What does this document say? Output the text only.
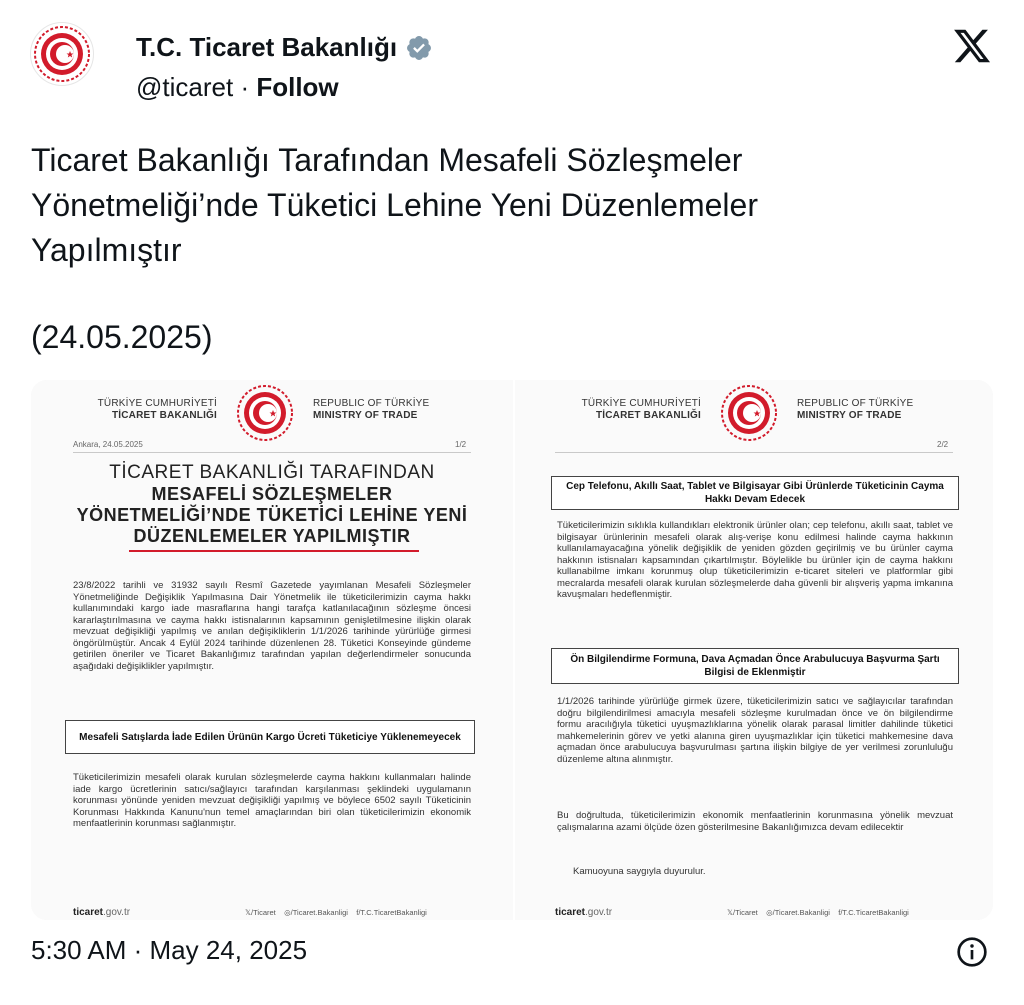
T.C. Ticaret Bakanlığı
@ticaret · Follow
Ticaret Bakanlığı Tarafından Mesafeli Sözleşmeler
Yönetmeliği’nde Tüketici Lehine Yeni Düzenlemeler
Yapılmıştır
(24.05.2025)
TÜRKİYE CUMHURİYETİ
TİCARET BAKANLIĞI
REPUBLIC OF TÜRKİYE
MINISTRY OF TRADE
Ankara, 24.05.2025	1/2
TİCARET BAKANLIĞI TARAFINDAN
MESAFELİ SÖZLEŞMELER
YÖNETMELİĞİ’NDE TÜKETİCİ LEHİNE YENİ
DÜZENLEMELER YAPILMIŞTIR
23/8/2022 tarihli ve 31932 sayılı Resmî Gazetede yayımlanan Mesafeli Sözleşmeler Yönetmeliğinde Değişiklik Yapılmasına Dair Yönetmelik ile tüketicilerimizin cayma hakkı kullanımındaki kargo iade masraflarına hangi tarafça katlanılacağının sözleşme öncesi kararlaştırılmasına ve cayma hakkı istisnalarının kapsamının genişletilmesine ilişkin olarak mevzuat değişikliği yapılmış ve anılan değişikliklerin 1/1/2026 tarihinde yürürlüğe girmesi öngörülmüştür. Ancak 4 Eylül 2024 tarihinde düzenlenen 28. Tüketici Konseyinde gündeme getirilen öneriler ve Ticaret Bakanlığımız tarafından yapılan değerlendirmeler sonucunda aşağıdaki değişiklikler yapılmıştır.
Mesafeli Satışlarda İade Edilen Ürünün Kargo Ücreti Tüketiciye Yüklenemeyecek
Tüketicilerimizin mesafeli olarak kurulan sözleşmelerde cayma hakkını kullanmaları halinde iade kargo ücretlerinin satıcı/sağlayıcı tarafından karşılanması şeklindeki uygulamanın korunması yönünde yeniden mevzuat değişikliği yapılmış ve böylece 6502 sayılı Tüketicinin Korunması Hakkında Kanunu'nun temel amaçlarından biri olan tüketicilerimizin ekonomik menfaatlerinin korunması sağlanmıştır.
ticaret.gov.tr	𝕏/Ticaret ◎/Ticaret.Bakanligi f/T.C.TicaretBakanligi
TÜRKİYE CUMHURİYETİ
TİCARET BAKANLIĞI
REPUBLIC OF TÜRKİYE
MINISTRY OF TRADE
2/2
Cep Telefonu, Akıllı Saat, Tablet ve Bilgisayar Gibi Ürünlerde Tüketicinin Cayma Hakkı Devam Edecek
Tüketicilerimizin sıklıkla kullandıkları elektronik ürünler olan; cep telefonu, akıllı saat, tablet ve bilgisayar ürünlerinin mesafeli olarak alış-verişe konu edilmesi halinde cayma hakkının kullanılamayacağına yönelik değişiklik de yeniden gözden geçirilmiş ve bu ürünler cayma hakkının istisnaları kapsamından çıkartılmıştır. Böylelikle bu ürünler için de cayma hakkını kullanabilme imkanı korunmuş olup tüketicilerimizin e-ticaret siteleri ve platformlar gibi mecralarda mesafeli olarak kurulan sözleşmelerde daha güvenli bir alışveriş yapma imkanına kavuşmaları hedeflenmiştir.
Ön Bilgilendirme Formuna, Dava Açmadan Önce Arabulucuya Başvurma Şartı Bilgisi de Eklenmiştir
1/1/2026 tarihinde yürürlüğe girmek üzere, tüketicilerimizin satıcı ve sağlayıcılar tarafından doğru bilgilendirilmesi amacıyla mesafeli sözleşme kurulmadan önce ve ön bilgilendirme formu aracılığıyla tüketici uyuşmazlıklarına yönelik olarak parasal limitler dahilinde tüketici mahkemelerinin görev ve yetki alanına giren uyuşmazlıklar için tüketici mahkemesine dava açmadan önce arabulucuya başvurulması şartına ilişkin bilgiye de yer verilmesi zorunluluğu düzenleme altına alınmıştır.
Bu doğrultuda, tüketicilerimizin ekonomik menfaatlerinin korunmasına yönelik mevzuat çalışmalarına azami ölçüde özen gösterilmesine Bakanlığımızca devam edilecektir
Kamuoyuna saygıyla duyurulur.
ticaret.gov.tr	𝕏/Ticaret ◎/Ticaret.Bakanligi f/T.C.TicaretBakanligi
5:30 AM · May 24, 2025
